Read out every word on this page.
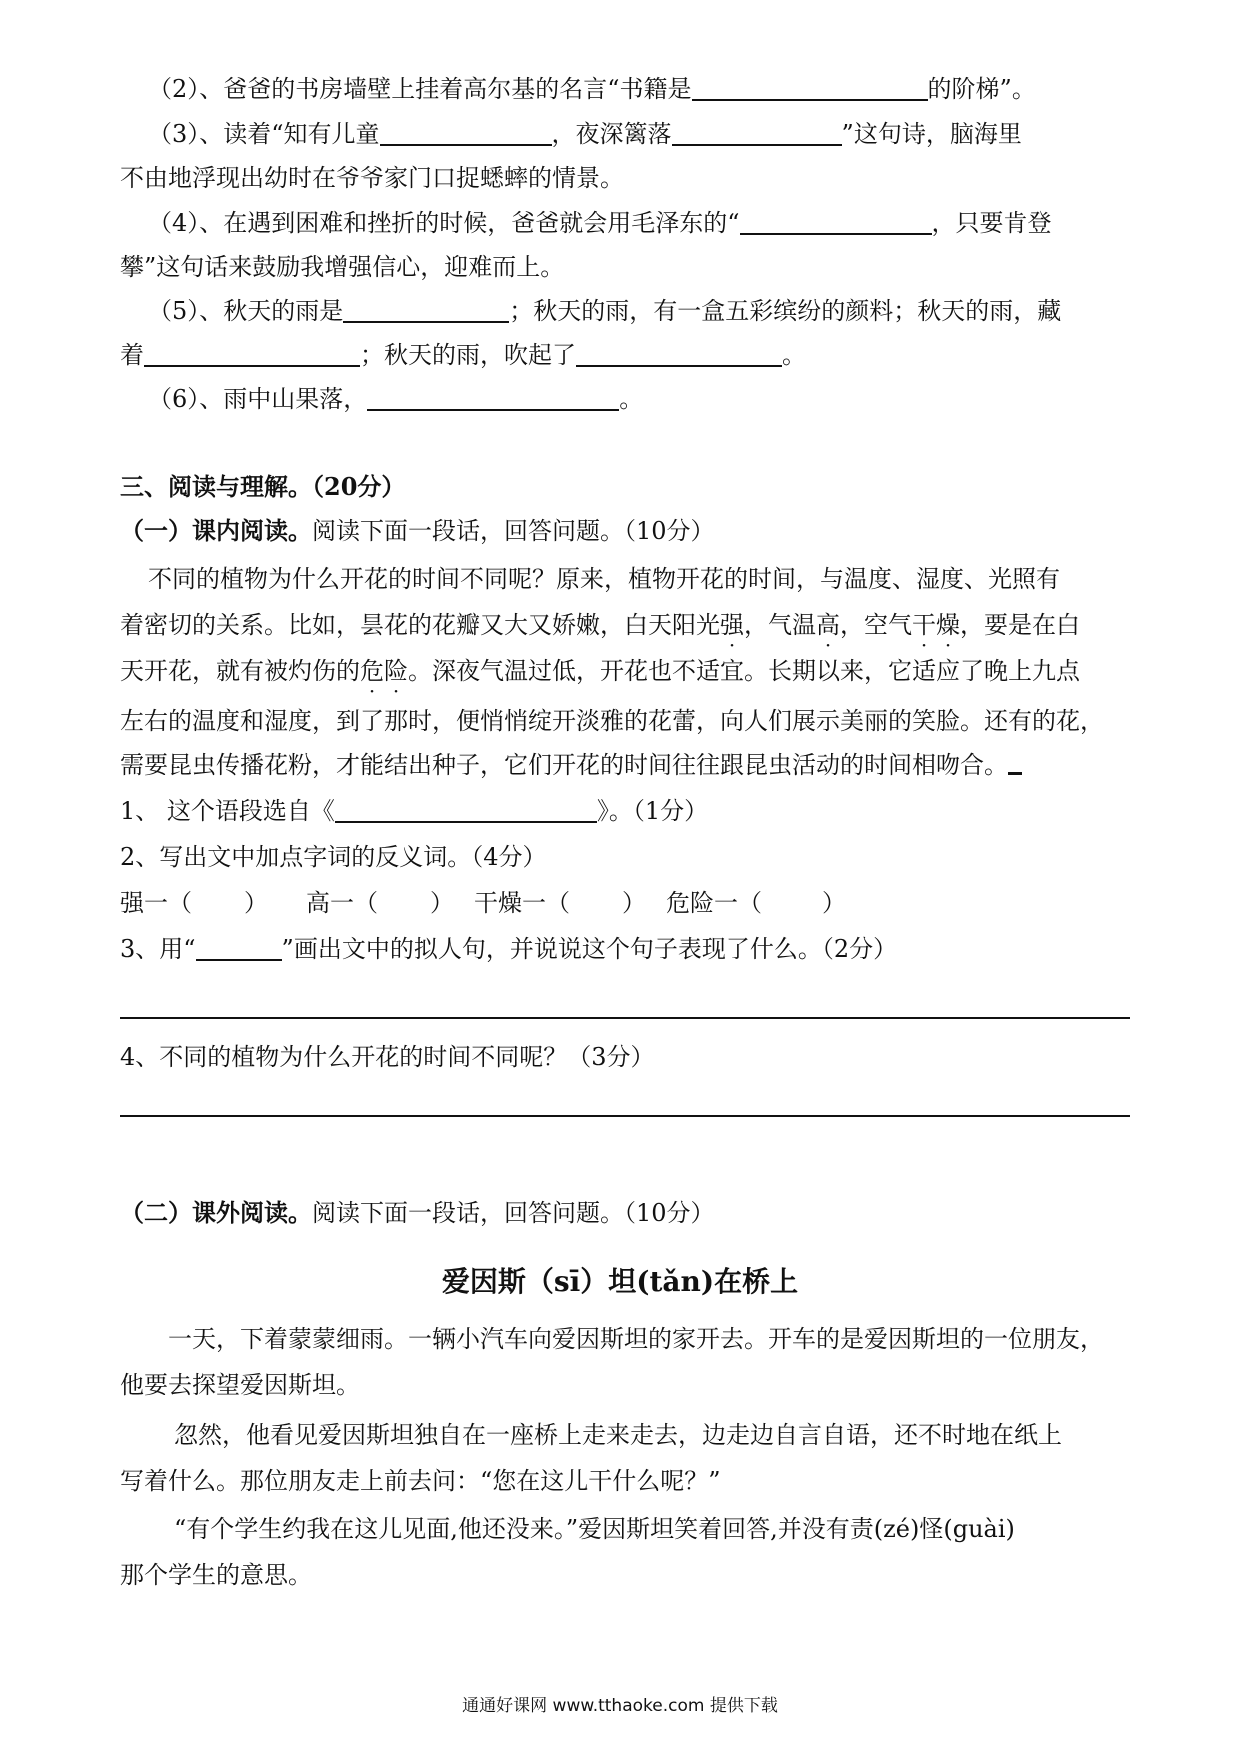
（2）、爸爸的书房墙壁上挂着高尔基的名言“书籍是	的阶梯”。
（3）、读着“知有儿童	，夜深篱落	”这句诗，脑海里
不由地浮现出幼时在爷爷家门口捉蟋蟀的情景。
（4）、在遇到困难和挫折的时候，爸爸就会用毛泽东的“	，只要肯登
攀”这句话来鼓励我增强信心，迎难而上。
（5）、秋天的雨是	；秋天的雨，有一盒五彩缤纷的颜料；秋天的雨，藏
着	；秋天的雨，吹起了	。
（6）、雨中山果落，	。
三、阅读与理解。（20分）
（一）课内阅读。阅读下面一段话，回答问题。（10分）
不同的植物为什么开花的时间不同呢？原来，植物开花的时间，与温度、湿度、光照有
着密切的关系。比如，昙花的花瓣又大又娇嫩，白天阳光强，气温高，空气干燥，要是在白
天开花，就有被灼伤的危险。深夜气温过低，开花也不适宜。长期以来，它适应了晚上九点
左右的温度和湿度，到了那时，便悄悄绽开淡雅的花蕾，向人们展示美丽的笑脸。还有的花，
需要昆虫传播花粉，才能结出种子，它们开花的时间往往跟昆虫活动的时间相吻合。
1、 这个语段选自《	》。（1分）
2、写出文中加点字词的反义词。（4分）
强一（ ） 高一（ ） 干燥一（ ） 危险一（	）
3、用“	”画出文中的拟人句，并说说这个句子表现了什么。（2分）
4、不同的植物为什么开花的时间不同呢？（3分）
（二）课外阅读。阅读下面一段话，回答问题。（10分）
爱因斯（sī）坦(tǎn)在桥上
一天，下着蒙蒙细雨。一辆小汽车向爱因斯坦的家开去。开车的是爱因斯坦的一位朋友，
他要去探望爱因斯坦。
忽然，他看见爱因斯坦独自在一座桥上走来走去，边走边自言自语，还不时地在纸上
写着什么。那位朋友走上前去问：“您在这儿干什么呢？”
“有个学生约我在这儿见面,他还没来。”爱因斯坦笑着回答,并没有责(zé)怪(guài)
那个学生的意思。
通通好课网 www.tthaoke.com 提供下载
